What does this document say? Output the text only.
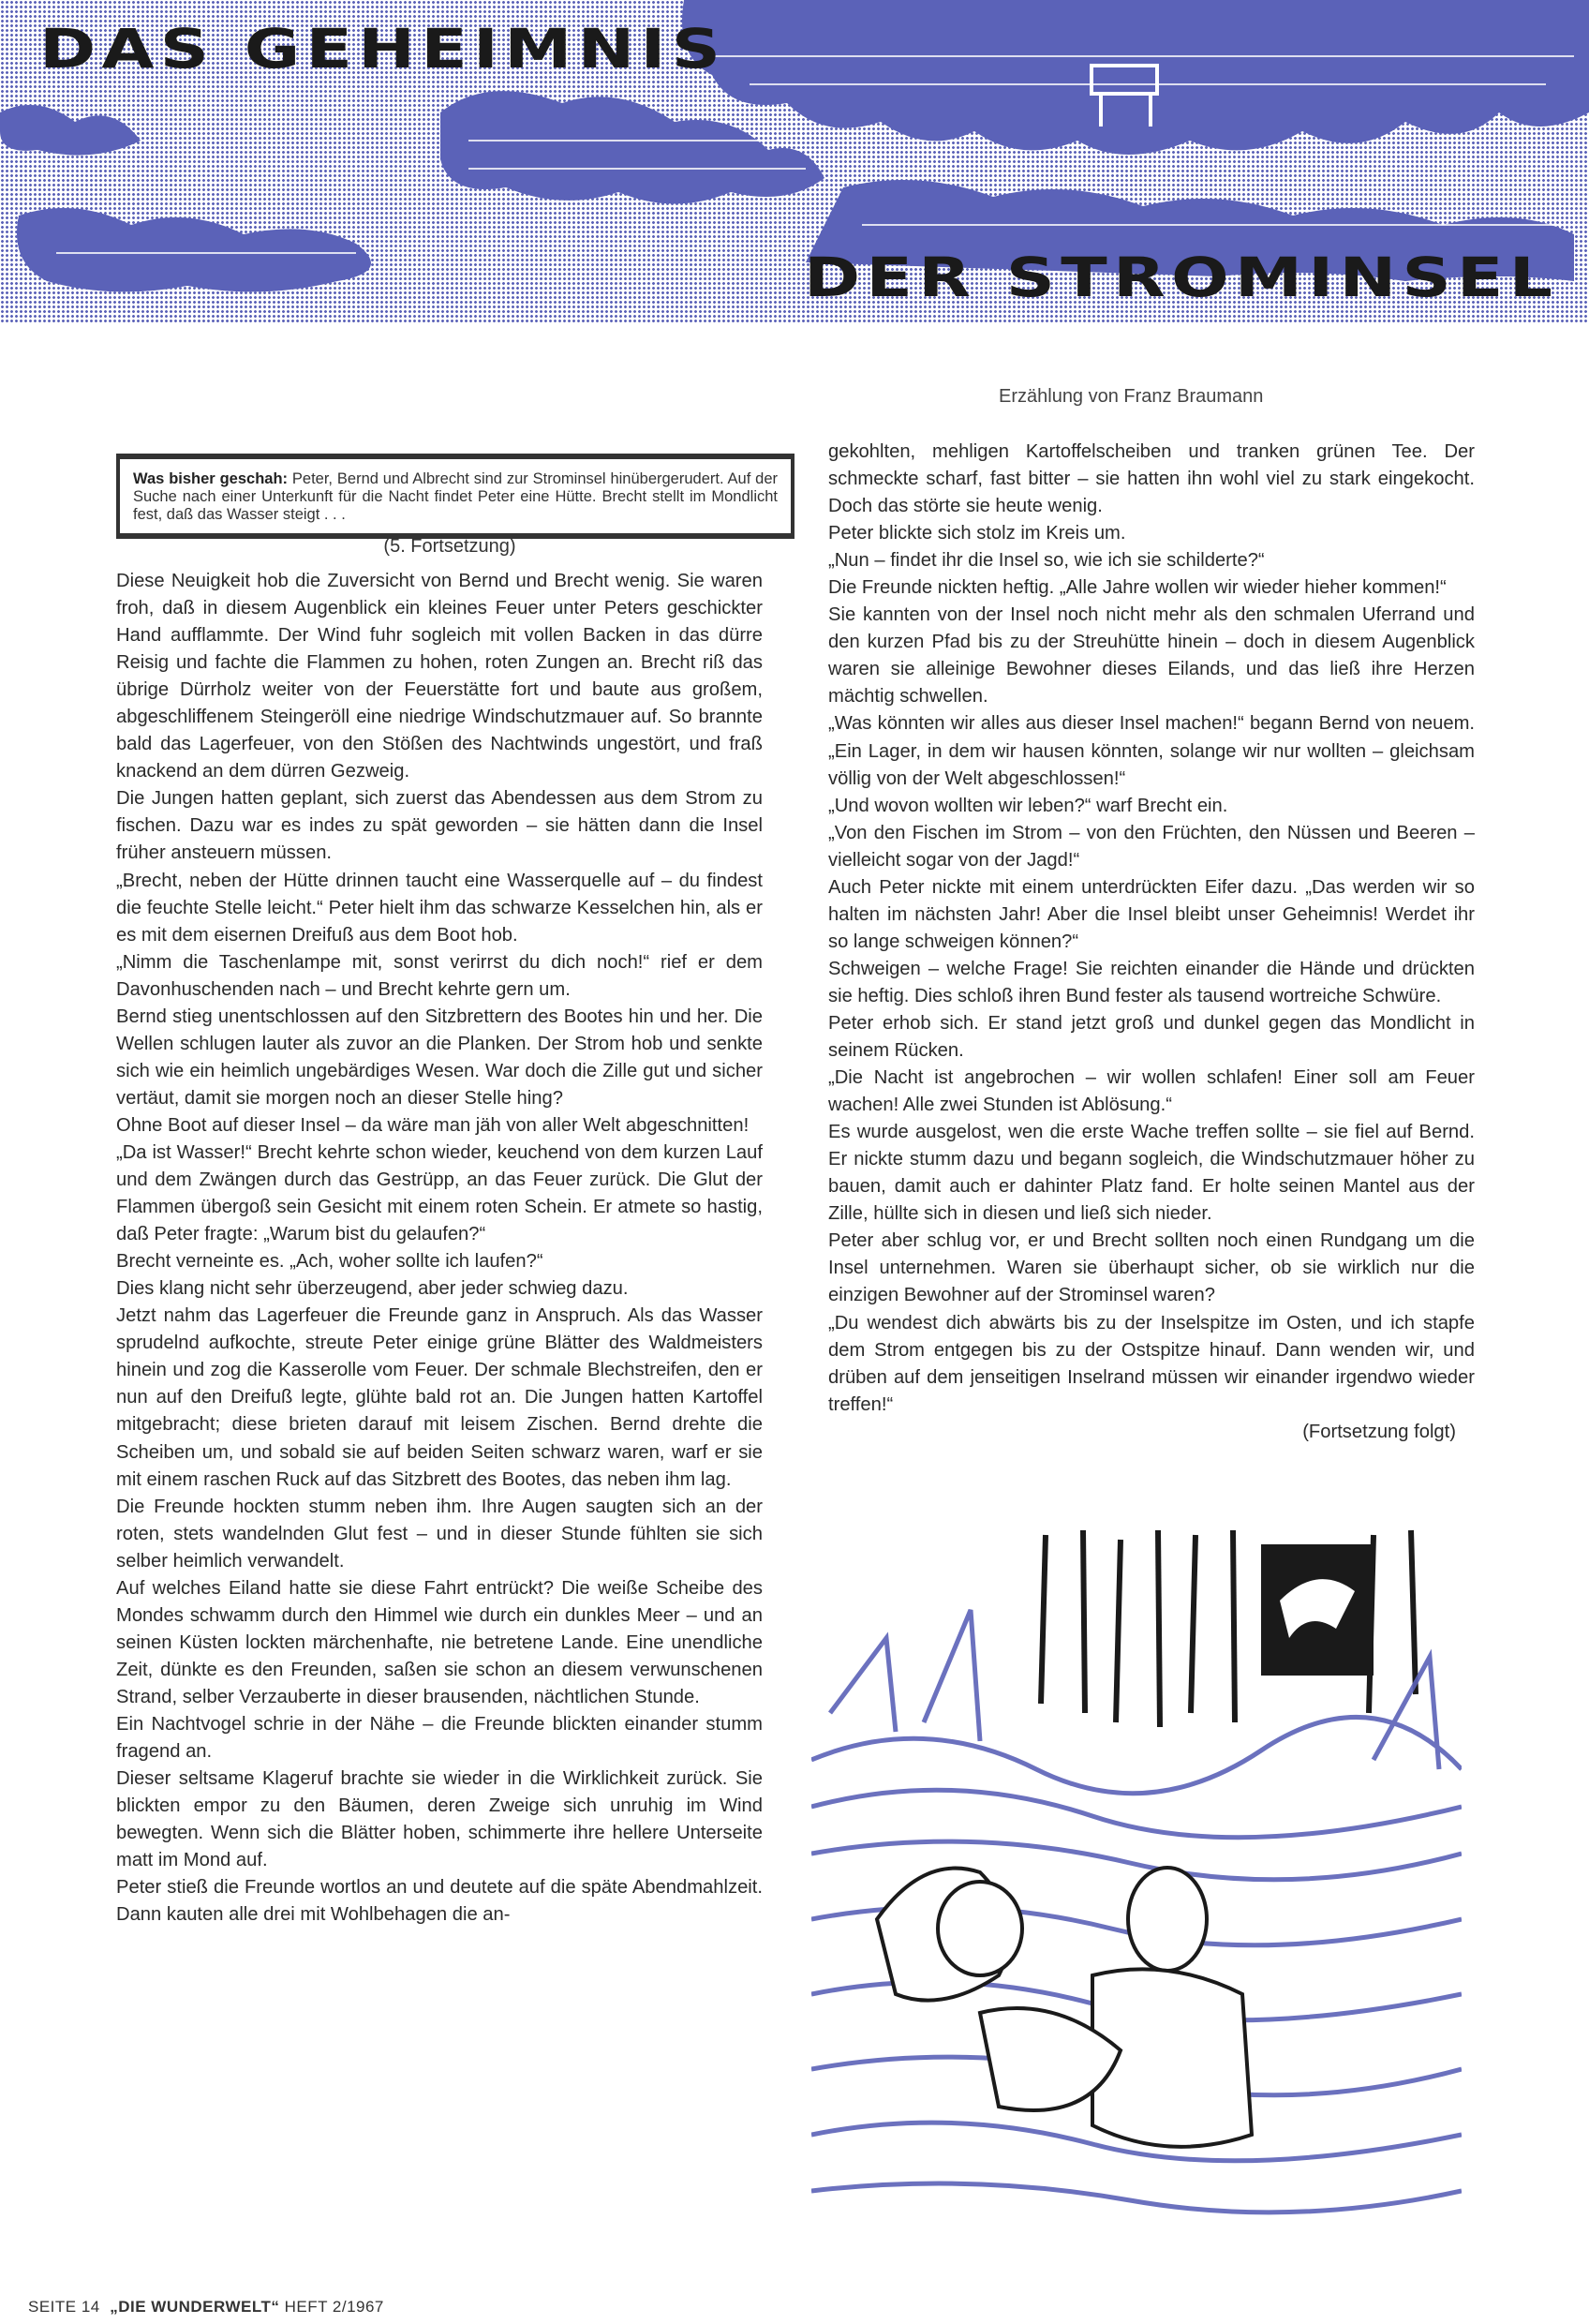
DAS GEHEIMNIS
DER STROMINSEL
Erzählung von Franz Braumann
Was bisher geschah: Peter, Bernd und Albrecht sind zur Strominsel hinübergerudert. Auf der Suche nach einer Unterkunft für die Nacht findet Peter eine Hütte. Brecht stellt im Mondlicht fest, daß das Wasser steigt . . .
(5. Fortsetzung)

Diese Neuigkeit hob die Zuversicht von Bernd und Brecht wenig. Sie waren froh, daß in diesem Augenblick ein kleines Feuer unter Peters geschickter Hand aufflammte. Der Wind fuhr sogleich mit vollen Backen in das dürre Reisig und fachte die Flammen zu hohen, roten Zungen an. Brecht riß das übrige Dürrholz weiter von der Feuerstätte fort und baute aus großem, abgeschliffenem Steingeröll eine niedrige Windschutzmauer auf. So brannte bald das Lagerfeuer, von den Stößen des Nachtwinds ungestört, und fraß knackend an dem dürren Gezweig.

Die Jungen hatten geplant, sich zuerst das Abendessen aus dem Strom zu fischen. Dazu war es indes zu spät geworden – sie hätten dann die Insel früher ansteuern müssen.

„Brecht, neben der Hütte drinnen taucht eine Wasserquelle auf – du findest die feuchte Stelle leicht.“ Peter hielt ihm das schwarze Kesselchen hin, als er es mit dem eisernen Dreifuß aus dem Boot hob.

„Nimm die Taschenlampe mit, sonst verirrst du dich noch!“ rief er dem Davonhuschenden nach – und Brecht kehrte gern um.

Bernd stieg unentschlossen auf den Sitzbrettern des Bootes hin und her. Die Wellen schlugen lauter als zuvor an die Planken. Der Strom hob und senkte sich wie ein heimlich ungebärdiges Wesen. War doch die Zille gut und sicher vertäut, damit sie morgen noch an dieser Stelle hing?

Ohne Boot auf dieser Insel – da wäre man jäh von aller Welt abgeschnitten!

„Da ist Wasser!“ Brecht kehrte schon wieder, keuchend von dem kurzen Lauf und dem Zwängen durch das Gestrüpp, an das Feuer zurück. Die Glut der Flammen übergoß sein Gesicht mit einem roten Schein. Er atmete so hastig, daß Peter fragte: „Warum bist du gelaufen?“

Brecht verneinte es. „Ach, woher sollte ich laufen?“

Dies klang nicht sehr überzeugend, aber jeder schwieg dazu.

Jetzt nahm das Lagerfeuer die Freunde ganz in Anspruch. Als das Wasser sprudelnd aufkochte, streute Peter einige grüne Blätter des Waldmeisters hinein und zog die Kasserolle vom Feuer. Der schmale Blechstreifen, den er nun auf den Dreifuß legte, glühte bald rot an. Die Jungen hatten Kartoffel mitgebracht; diese brieten darauf mit leisem Zischen. Bernd drehte die Scheiben um, und sobald sie auf beiden Seiten schwarz waren, warf er sie mit einem raschen Ruck auf das Sitzbrett des Bootes, das neben ihm lag.

Die Freunde hockten stumm neben ihm. Ihre Augen saugten sich an der roten, stets wandelnden Glut fest – und in dieser Stunde fühlten sie sich selber heimlich verwandelt.

Auf welches Eiland hatte sie diese Fahrt entrückt? Die weiße Scheibe des Mondes schwamm durch den Himmel wie durch ein dunkles Meer – und an seinen Küsten lockten märchenhafte, nie betretene Lande. Eine unendliche Zeit, dünkte es den Freunden, saßen sie schon an diesem verwunschenen Strand, selber Verzauberte in dieser brausenden, nächtlichen Stunde.

Ein Nachtvogel schrie in der Nähe – die Freunde blickten einander stumm fragend an.

Dieser seltsame Klageruf brachte sie wieder in die Wirklichkeit zurück. Sie blickten empor zu den Bäumen, deren Zweige sich unruhig im Wind bewegten. Wenn sich die Blätter hoben, schimmerte ihre hellere Unterseite matt im Mond auf.

Peter stieß die Freunde wortlos an und deutete auf die späte Abendmahlzeit. Dann kauten alle drei mit Wohlbehagen die an-

gekohlten, mehligen Kartoffelscheiben und tranken grünen Tee. Der schmeckte scharf, fast bitter – sie hatten ihn wohl viel zu stark eingekocht. Doch das störte sie heute wenig.

Peter blickte sich stolz im Kreis um.

„Nun – findet ihr die Insel so, wie ich sie schilderte?“

Die Freunde nickten heftig. „Alle Jahre wollen wir wieder hieher kommen!“

Sie kannten von der Insel noch nicht mehr als den schmalen Uferrand und den kurzen Pfad bis zu der Streuhütte hinein – doch in diesem Augenblick waren sie alleinige Bewohner dieses Eilands, und das ließ ihre Herzen mächtig schwellen.

„Was könnten wir alles aus dieser Insel machen!“ begann Bernd von neuem. „Ein Lager, in dem wir hausen könnten, solange wir nur wollten – gleichsam völlig von der Welt abgeschlossen!“

„Und wovon wollten wir leben?“ warf Brecht ein.

„Von den Fischen im Strom – von den Früchten, den Nüssen und Beeren – vielleicht sogar von der Jagd!“

Auch Peter nickte mit einem unterdrückten Eifer dazu. „Das werden wir so halten im nächsten Jahr! Aber die Insel bleibt unser Geheimnis! Werdet ihr so lange schweigen können?“

Schweigen – welche Frage! Sie reichten einander die Hände und drückten sie heftig. Dies schloß ihren Bund fester als tausend wortreiche Schwüre.

Peter erhob sich. Er stand jetzt groß und dunkel gegen das Mondlicht in seinem Rücken.

„Die Nacht ist angebrochen – wir wollen schlafen! Einer soll am Feuer wachen! Alle zwei Stunden ist Ablösung.“

Es wurde ausgelost, wen die erste Wache treffen sollte – sie fiel auf Bernd. Er nickte stumm dazu und begann sogleich, die Windschutzmauer höher zu bauen, damit auch er dahinter Platz fand. Er holte seinen Mantel aus der Zille, hüllte sich in diesen und ließ sich nieder.

Peter aber schlug vor, er und Brecht sollten noch einen Rundgang um die Insel unternehmen. Waren sie überhaupt sicher, ob sie wirklich nur die einzigen Bewohner auf der Strominsel waren?

„Du wendest dich abwärts bis zu der Inselspitze im Osten, und ich stapfe dem Strom entgegen bis zu der Ostspitze hinauf. Dann wenden wir, und drüben auf dem jenseitigen Inselrand müssen wir einander irgendwo wieder treffen!“

(Fortsetzung folgt)
SEITE 14 „DIE WUNDERWELT“ HEFT 2/1967
